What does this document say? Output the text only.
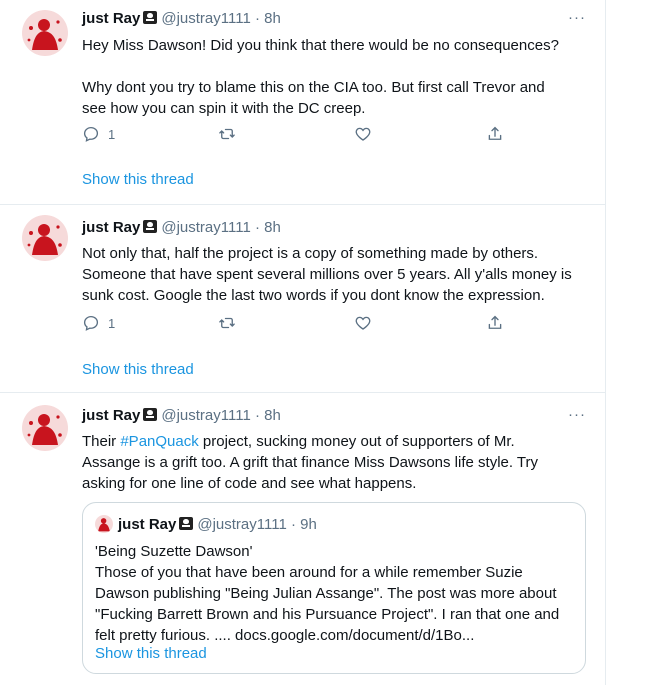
just Ray @justray1111 · 8h	···

Hey Miss Dawson! Did you think that there would be no consequences?

Why dont you try to blame this on the CIA too. But first call Trevor and

see how you can spin it with the DC creep.

1
Show this thread
just Ray @justray1111 · 8h

Not only that, half the project is a copy of something made by others.

Someone that have spent several millions over 5 years. All y'alls money is

sunk cost. Google the last two words if you dont know the expression.

1
Show this thread
just Ray @justray1111 · 8h	···

Their #PanQuack project, sucking money out of supporters of Mr.

Assange is a grift too. A grift that finance Miss Dawsons life style. Try

asking for one line of code and see what happens.

just Ray @justray1111 · 9h

'Being Suzette Dawson'

Those of you that have been around for a while remember Suzie

Dawson publishing "Being Julian Assange". The post was more about

"Fucking Barrett Brown and his Pursuance Project". I ran that one and

felt pretty furious. .... docs.google.com/document/d/1Bo...

Show this thread
